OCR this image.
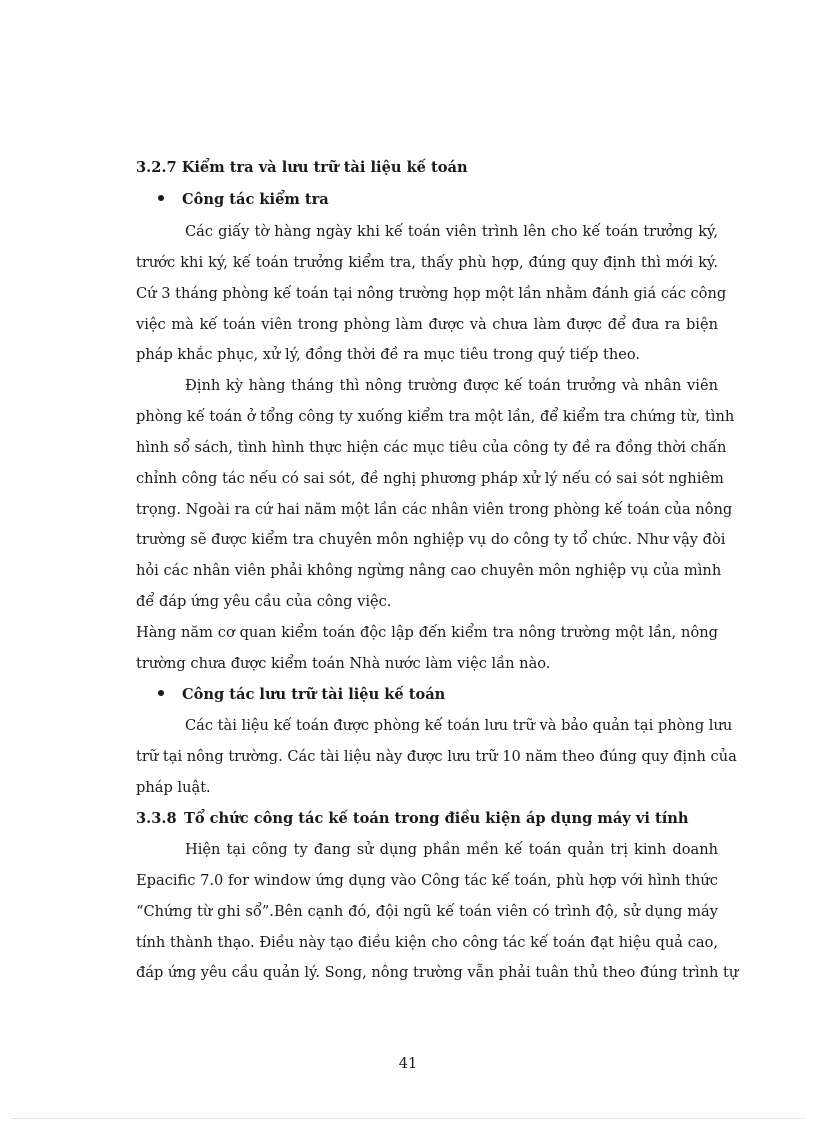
3.2.7 Kiểm tra và lưu trữ tài liệu kế toán
Công tác kiểm tra
Các giấy tờ hàng ngày khi kế toán viên trình lên cho kế toán trưởng ký,
trước khi ký, kế toán trưởng kiểm tra, thấy phù hợp, đúng quy định thì mới ký.
Cứ 3 tháng phòng kế toán tại nông trường họp một lần nhằm đánh giá các công
việc mà kế toán viên trong phòng làm được và chưa làm được để đưa ra biện
pháp khắc phục, xử lý, đồng thời đề ra mục tiêu trong quý tiếp theo.
Định kỳ hàng tháng thì nông trường được kế toán trưởng và nhân viên
phòng kế toán ở tổng công ty xuống kiểm tra một lần, để kiểm tra chứng từ, tình
hình sổ sách, tình hình thực hiện các mục tiêu của công ty đề ra đồng thời chấn
chỉnh công tác nếu có sai sót, đề nghị phương pháp xử lý nếu có sai sót nghiêm
trọng. Ngoài ra cứ hai năm một lần các nhân viên trong phòng kế toán của nông
trường sẽ được kiểm tra chuyên môn nghiệp vụ do công ty tổ chức. Như vậy đòi
hỏi các nhân viên phải không ngừng nâng cao chuyên môn nghiệp vụ của mình
để đáp ứng yêu cầu của công việc.
Hàng năm cơ quan kiểm toán độc lập đến kiểm tra nông trường một lần, nông
trường chưa được kiểm toán Nhà nước làm việc lần nào.
Công tác lưu trữ tài liệu kế toán
Các tài liệu kế toán được phòng kế toán lưu trữ và bảo quản tại phòng lưu
trữ tại nông trường. Các tài liệu này được lưu trữ 10 năm theo đúng quy định của
pháp luật.
3.3.8 Tổ chức công tác kế toán trong điều kiện áp dụng máy vi tính
Hiện tại công ty đang sử dụng phần mền kế toán quản trị kinh doanh
Epacific 7.0 for window ứng dụng vào Công tác kế toán, phù hợp với hình thức
“Chứng từ ghi sổ”.Bên cạnh đó, đội ngũ kế toán viên có trình độ, sử dụng máy
tính thành thạo. Điều này tạo điều kiện cho công tác kế toán đạt hiệu quả cao,
đáp ứng yêu cầu quản lý. Song, nông trường vẫn phải tuân thủ theo đúng trình tự
41
